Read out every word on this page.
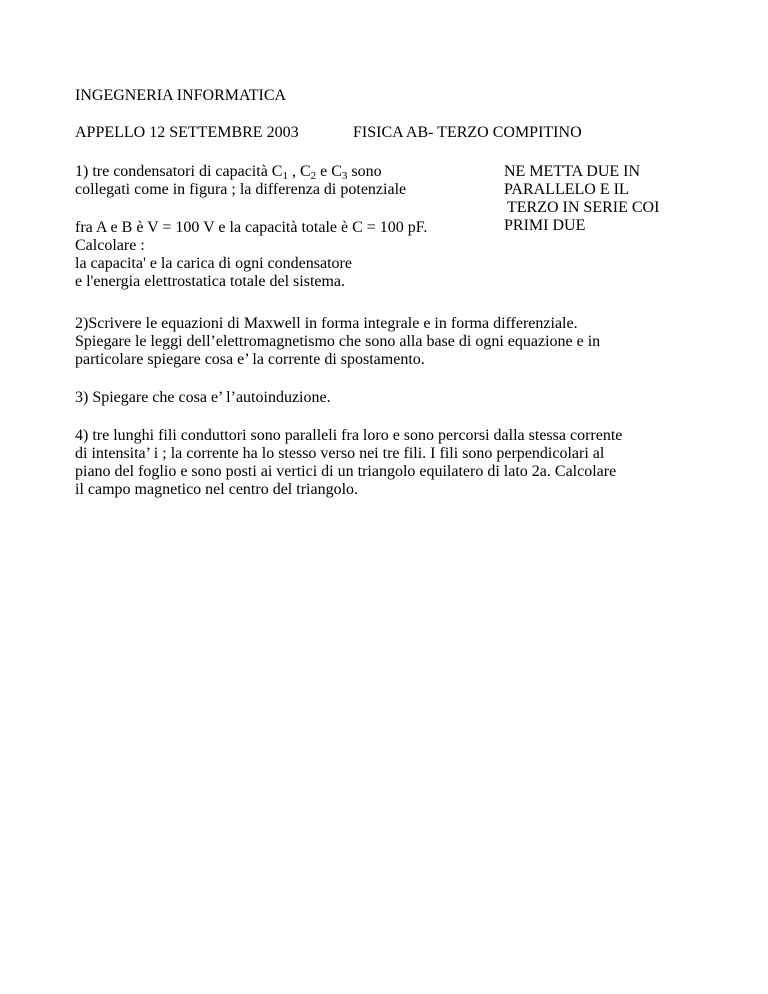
INGEGNERIA INFORMATICA
APPELLO 12 SETTEMBRE 2003	FISICA AB- TERZO COMPITINO
1) tre condensatori di capacità $C_1$ , $C_2$ e $C_3$ sono
collegati come in figura ; la differenza di potenziale
fra A e B è V = 100 V e la capacità totale è C = 100 pF.
Calcolare :
la capacita' e la carica di ogni condensatore
e l'energia elettrostatica totale del sistema.
NE METTA DUE IN
PARALLELO E IL
TERZO IN SERIE COI
PRIMI DUE
2)Scrivere le equazioni di Maxwell in forma integrale e in forma differenziale.
Spiegare le leggi dell’elettromagnetismo che sono alla base di ogni equazione e in
particolare spiegare cosa e’ la corrente di spostamento.
3) Spiegare che cosa e’ l’autoinduzione.
4) tre lunghi fili conduttori sono paralleli fra loro e sono percorsi dalla stessa corrente
di intensita’ i ; la corrente ha lo stesso verso nei tre fili. I fili sono perpendicolari al
piano del foglio e sono posti ai vertici di un triangolo equilatero di lato 2a. Calcolare
il campo magnetico nel centro del triangolo.
